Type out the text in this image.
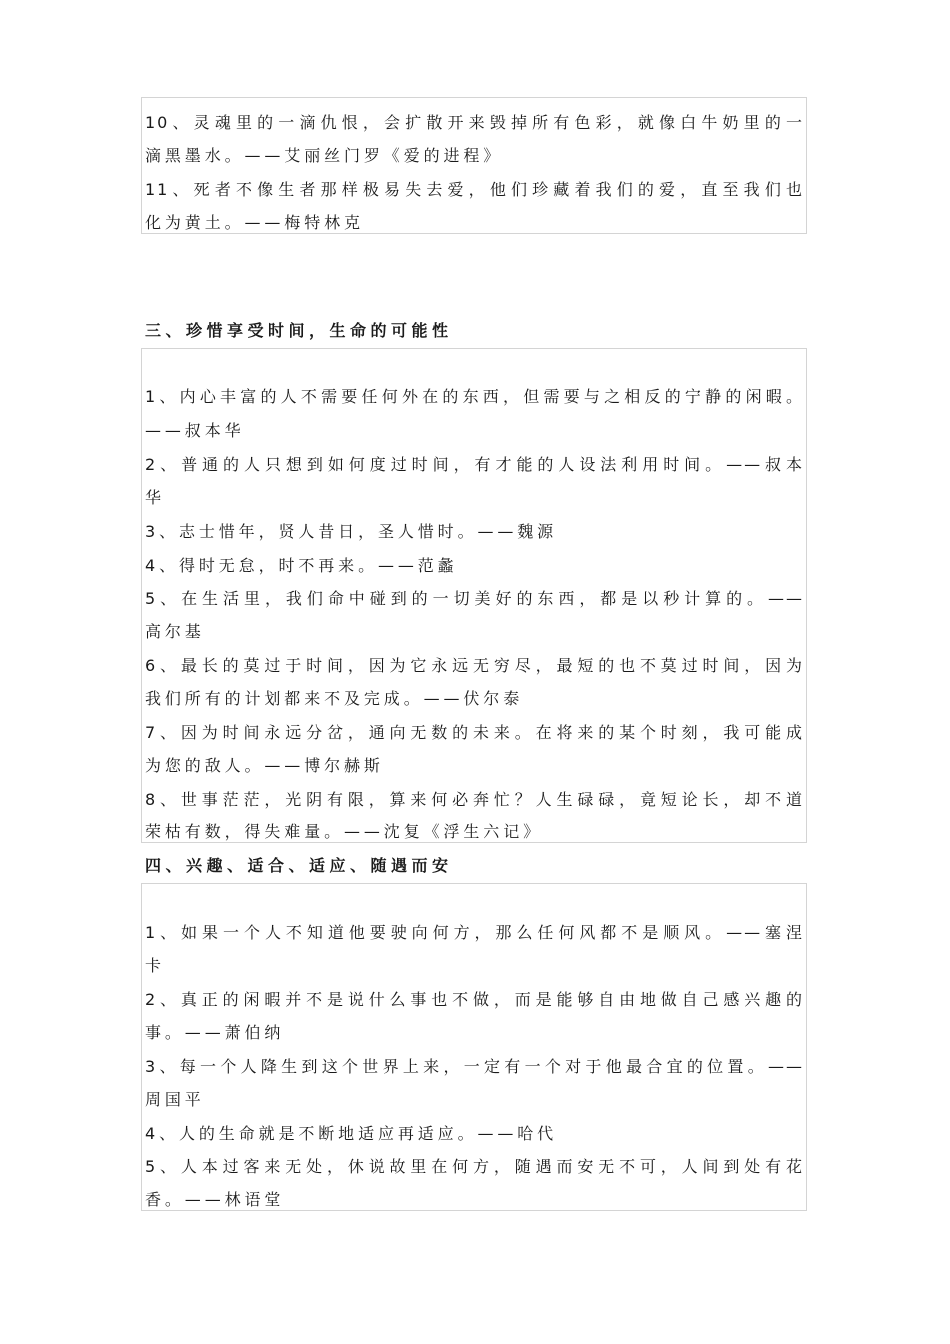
10、灵魂里的一滴仇恨，会扩散开来毁掉所有色彩，就像白牛奶里的一
滴黑墨水。——艾丽丝门罗《爱的进程》
11、死者不像生者那样极易失去爱，他们珍藏着我们的爱，直至我们也
化为黄土。——梅特林克
三、珍惜享受时间，生命的可能性
1、内心丰富的人不需要任何外在的东西，但需要与之相反的宁静的闲暇。
——叔本华
2、普通的人只想到如何度过时间，有才能的人设法利用时间。——叔本
华
3、志士惜年，贤人昔日，圣人惜时。——魏源
4、得时无怠，时不再来。——范蠡
5、在生活里，我们命中碰到的一切美好的东西，都是以秒计算的。——
高尔基
6、最长的莫过于时间，因为它永远无穷尽，最短的也不莫过时间，因为
我们所有的计划都来不及完成。——伏尔泰
7、因为时间永远分岔，通向无数的未来。在将来的某个时刻，我可能成
为您的敌人。——博尔赫斯
8、世事茫茫，光阴有限，算来何必奔忙？人生碌碌，竟短论长，却不道
荣枯有数，得失难量。——沈复《浮生六记》
四、兴趣、适合、适应、随遇而安
1、如果一个人不知道他要驶向何方，那么任何风都不是顺风。——塞涅
卡
2、真正的闲暇并不是说什么事也不做，而是能够自由地做自己感兴趣的
事。——萧伯纳
3、每一个人降生到这个世界上来，一定有一个对于他最合宜的位置。——
周国平
4、人的生命就是不断地适应再适应。——哈代
5、人本过客来无处，休说故里在何方，随遇而安无不可，人间到处有花
香。——林语堂
